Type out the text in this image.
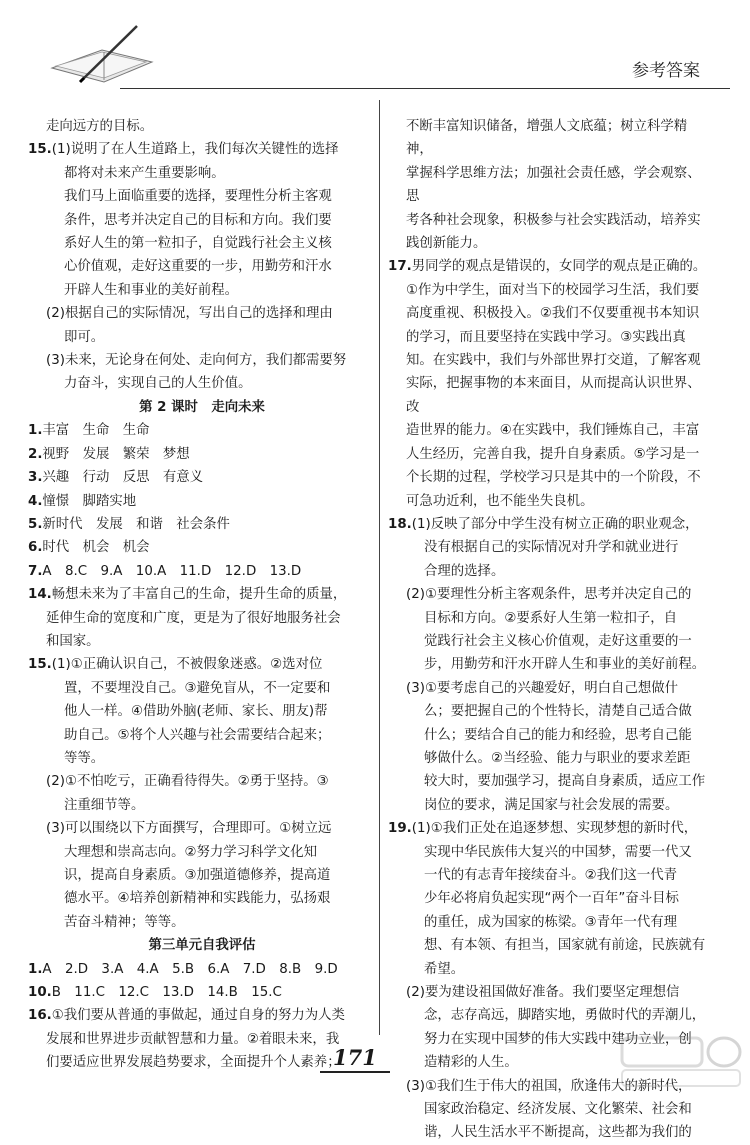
参考答案

走向远方的目标。

15.(1)说明了在人生道路上，我们每次关键性的选择

都将对未来产生重要影响。

我们马上面临重要的选择，要理性分析主客观

条件，思考并决定自己的目标和方向。我们要

系好人生的第一粒扣子，自觉践行社会主义核

心价值观，走好这重要的一步，用勤劳和汗水

开辟人生和事业的美好前程。

(2)根据自己的实际情况，写出自己的选择和理由

即可。

(3)未来，无论身在何处、走向何方，我们都需要努

力奋斗，实现自己的人生价值。

第 2 课时　走向未来

1.丰富　生命　生命

2.视野　发展　繁荣　梦想

3.兴趣　行动　反思　有意义

4.憧憬　脚踏实地

5.新时代　发展　和谐　社会条件

6.时代　机会　机会

7.A　8.C　9.A　10.A　11.D　12.D　13.D

14.畅想未来为了丰富自己的生命，提升生命的质量，

延伸生命的宽度和广度，更是为了很好地服务社会

和国家。

15.(1)①正确认识自己，不被假象迷惑。②选对位

置，不要埋没自己。③避免盲从，不一定要和

他人一样。④借助外脑(老师、家长、朋友)帮

助自己。⑤将个人兴趣与社会需要结合起来；

等等。

(2)①不怕吃亏，正确看待得失。②勇于坚持。③

注重细节等。

(3)可以围绕以下方面撰写，合理即可。①树立远

大理想和崇高志向。②努力学习科学文化知

识，提高自身素质。③加强道德修养，提高道

德水平。④培养创新精神和实践能力，弘扬艰

苦奋斗精神；等等。

第三单元自我评估

1.A　2.D　3.A　4.A　5.B　6.A　7.D　8.B　9.D

10.B　11.C　12.C　13.D　14.B　15.C

16.①我们要从普通的事做起，通过自身的努力为人类

发展和世界进步贡献智慧和力量。②着眼未来，我

们要适应世界发展趋势要求，全面提升个人素养；

不断丰富知识储备，增强人文底蕴；树立科学精神，

掌握科学思维方法；加强社会责任感，学会观察、思

考各种社会现象，积极参与社会实践活动，培养实

践创新能力。

17.男同学的观点是错误的，女同学的观点是正确的。

①作为中学生，面对当下的校园学习生活，我们要

高度重视、积极投入。②我们不仅要重视书本知识

的学习，而且要坚持在实践中学习。③实践出真

知。在实践中，我们与外部世界打交道，了解客观

实际，把握事物的本来面目，从而提高认识世界、改

造世界的能力。④在实践中，我们锤炼自己，丰富

人生经历，完善自我，提升自身素质。⑤学习是一

个长期的过程，学校学习只是其中的一个阶段，不

可急功近利，也不能坐失良机。

18.(1)反映了部分中学生没有树立正确的职业观念，

没有根据自己的实际情况对升学和就业进行

合理的选择。

(2)①要理性分析主客观条件，思考并决定自己的

目标和方向。②要系好人生第一粒扣子，自

觉践行社会主义核心价值观，走好这重要的一

步，用勤劳和汗水开辟人生和事业的美好前程。

(3)①要考虑自己的兴趣爱好，明白自己想做什

么；要把握自己的个性特长，清楚自己适合做

什么；要结合自己的能力和经验，思考自己能

够做什么。②当经验、能力与职业的要求差距

较大时，要加强学习，提高自身素质，适应工作

岗位的要求，满足国家与社会发展的需要。

19.(1)①我们正处在追逐梦想、实现梦想的新时代，

实现中华民族伟大复兴的中国梦，需要一代又

一代的有志青年接续奋斗。②我们这一代青

少年必将肩负起实现“两个一百年”奋斗目标

的重任，成为国家的栋梁。③青年一代有理

想、有本领、有担当，国家就有前途，民族就有

希望。

(2)要为建设祖国做好准备。我们要坚定理想信

念，志存高远，脚踏实地，勇做时代的弄潮儿，

努力在实现中国梦的伟大实践中建功立业，创

造精彩的人生。

(3)①我们生于伟大的祖国，欣逢伟大的新时代，

国家政治稳定、经济发展、文化繁荣、社会和

谐，人民生活水平不断提高，这些都为我们的

171
